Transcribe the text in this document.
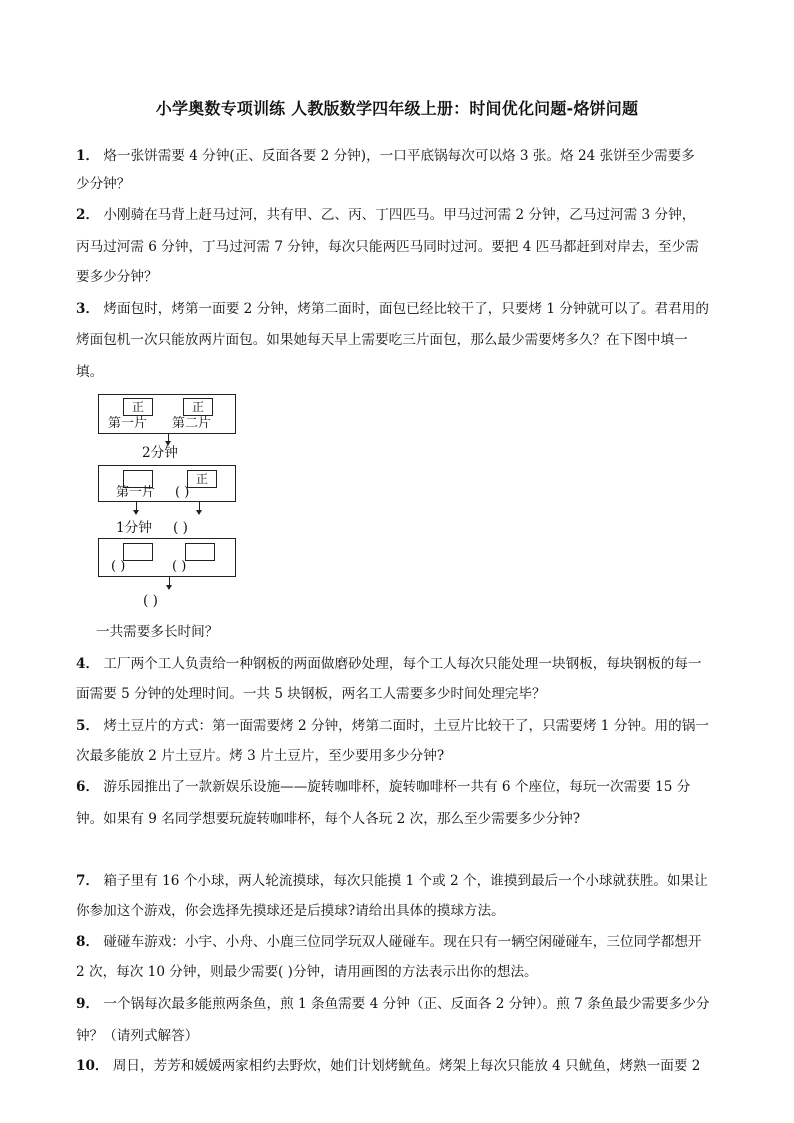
小学奥数专项训练 人教版数学四年级上册：时间优化问题-烙饼问题
1． 烙一张饼需要 4 分钟(正、反面各要 2 分钟)，一口平底锅每次可以烙 3 张。烙 24 张饼至少需要多
少分钟？
2． 小刚骑在马背上赶马过河，共有甲、乙、丙、丁四匹马。甲马过河需 2 分钟，乙马过河需 3 分钟，
丙马过河需 6 分钟，丁马过河需 7 分钟，每次只能两匹马同时过河。要把 4 匹马都赶到对岸去，至少需
要多少分钟？
3． 烤面包时，烤第一面要 2 分钟，烤第二面时，面包已经比较干了，只要烤 1 分钟就可以了。君君用的
烤面包机一次只能放两片面包。如果她每天早上需要吃三片面包，那么最少需要烤多久？在下图中填一
填。
4． 工厂两个工人负责给一种钢板的两面做磨砂处理，每个工人每次只能处理一块钢板，每块钢板的每一
面需要 5 分钟的处理时间。一共 5 块钢板，两名工人需要多少时间处理完毕？
5． 烤土豆片的方式：第一面需要烤 2 分钟，烤第二面时，土豆片比较干了，只需要烤 1 分钟。用的锅一
次最多能放 2 片土豆片。烤 3 片土豆片，至少要用多少分钟?
6． 游乐园推出了一款新娱乐设施——旋转咖啡杯，旋转咖啡杯一共有 6 个座位，每玩一次需要 15 分
钟。如果有 9 名同学想要玩旋转咖啡杯，每个人各玩 2 次，那么至少需要多少分钟?
7． 箱子里有 16 个小球，两人轮流摸球，每次只能摸 1 个或 2 个，谁摸到最后一个小球就获胜。如果让
你参加这个游戏，你会选择先摸球还是后摸球?请给出具体的摸球方法。
8． 碰碰车游戏：小宇、小舟、小鹿三位同学玩双人碰碰车。现在只有一辆空闲碰碰车，三位同学都想开
2 次，每次 10 分钟，则最少需要( )分钟，请用画图的方法表示出你的想法。
9． 一个锅每次最多能煎两条鱼，煎 1 条鱼需要 4 分钟（正、反面各 2 分钟）。煎 7 条鱼最少需要多少分
钟？（请列式解答）
10． 周日，芳芳和媛媛两家相约去野炊，她们计划烤鱿鱼。烤架上每次只能放 4 只鱿鱼，烤熟一面要 2
正	正
第一片 第二片
2分钟
正
第一片 ( )
1分钟 ( )
( )	( )
( )
一共需要多长时间？
